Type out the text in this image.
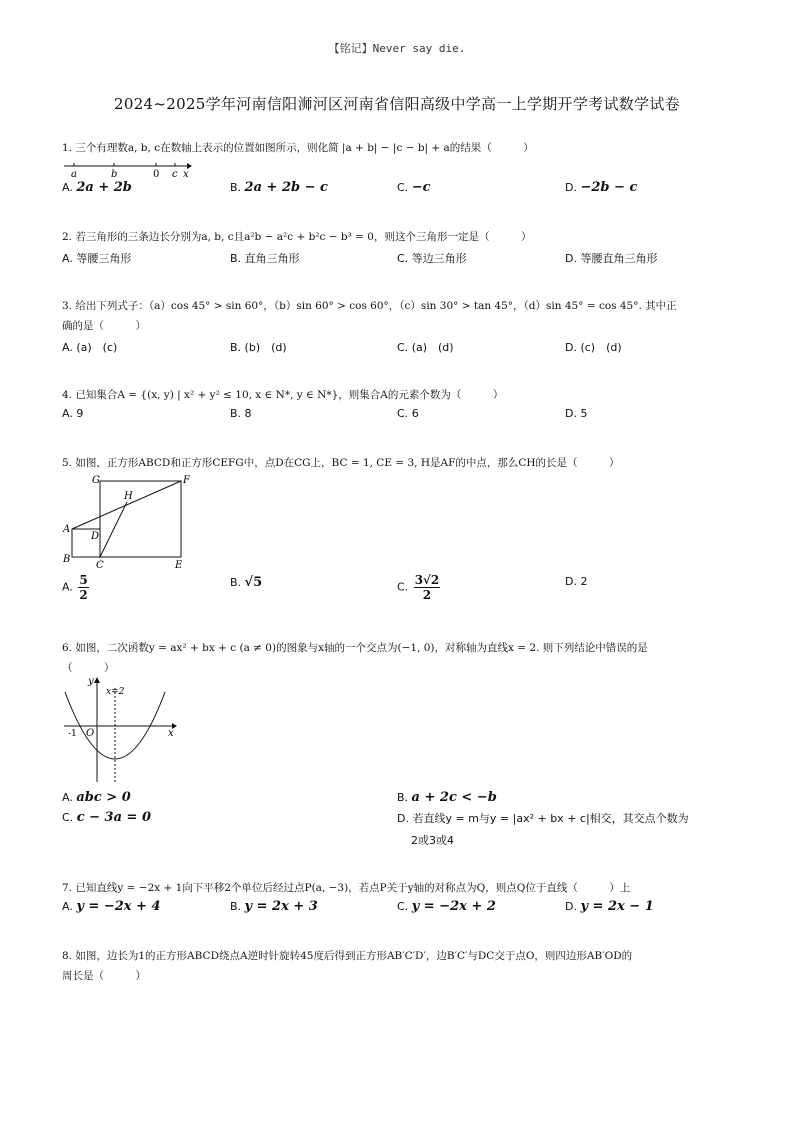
【铭记】Never say die.
2024~2025学年河南信阳浉河区河南省信阳高级中学高一上学期开学考试数学试卷
1. 三个有理数a, b, c在数轴上表示的位置如图所示，则化简 |a + b| − |c − b| + a的结果（　　　）
a	b	0 c x
A. 2a + 2b	B. 2a + 2b − c	C. −c	D. −2b − c
2. 若三角形的三条边长分别为a, b, c且a²b − a²c + b²c − b³ = 0，则这个三角形一定是（　　　）
A. 等腰三角形	B. 直角三角形	C. 等边三角形	D. 等腰直角三角形
3. 给出下列式子：（a）cos 45° > sin 60°，（b）sin 60° > cos 60°，（c）sin 30° > tan 45°，（d）sin 45° = cos 45°. 其中正
确的是（　　　）
A. (a)　(c)	B. (b)　(d)	C. (a)　(d)	D. (c)　(d)
4. 已知集合A = {(x, y) | x² + y² ≤ 10, x ∈ N*, y ∈ N*}，则集合A的元素个数为（　　　）
A. 9	B. 8	C. 6	D. 5
5. 如图，正方形ABCD和正方形CEFG中，点D在CG上，BC = 1, CE = 3, H是AF的中点，那么CH的长是（　　　）
G	F
H
A
D
B
C	E
A. $\frac{5}{2}$	B. √5	C. $\frac{3√2}{2}$	D. 2
6. 如图，二次函数y = ax² + bx + c (a ≠ 0)的图象与x轴的一个交点为(−1, 0)，对称轴为直线x = 2. 则下列结论中错误的是
（　　　）
y
x=2
-1 O	x
A. abc > 0	B. a + 2c < −b
C. c − 3a = 0	D. 若直线y = m与y = |ax² + bx + c|相交，其交点个数为
2或3或4
7. 已知直线y = −2x + 1向下平移2个单位后经过点P(a, −3)，若点P关于y轴的对称点为Q，则点Q位于直线（　　　）上
A. y = −2x + 4	B. y = 2x + 3	C. y = −2x + 2	D. y = 2x − 1
8. 如图，边长为1的正方形ABCD绕点A逆时针旋转45度后得到正方形AB′C′D′，边B′C′与DC交于点O，则四边形AB′OD的
周长是（　　　）
